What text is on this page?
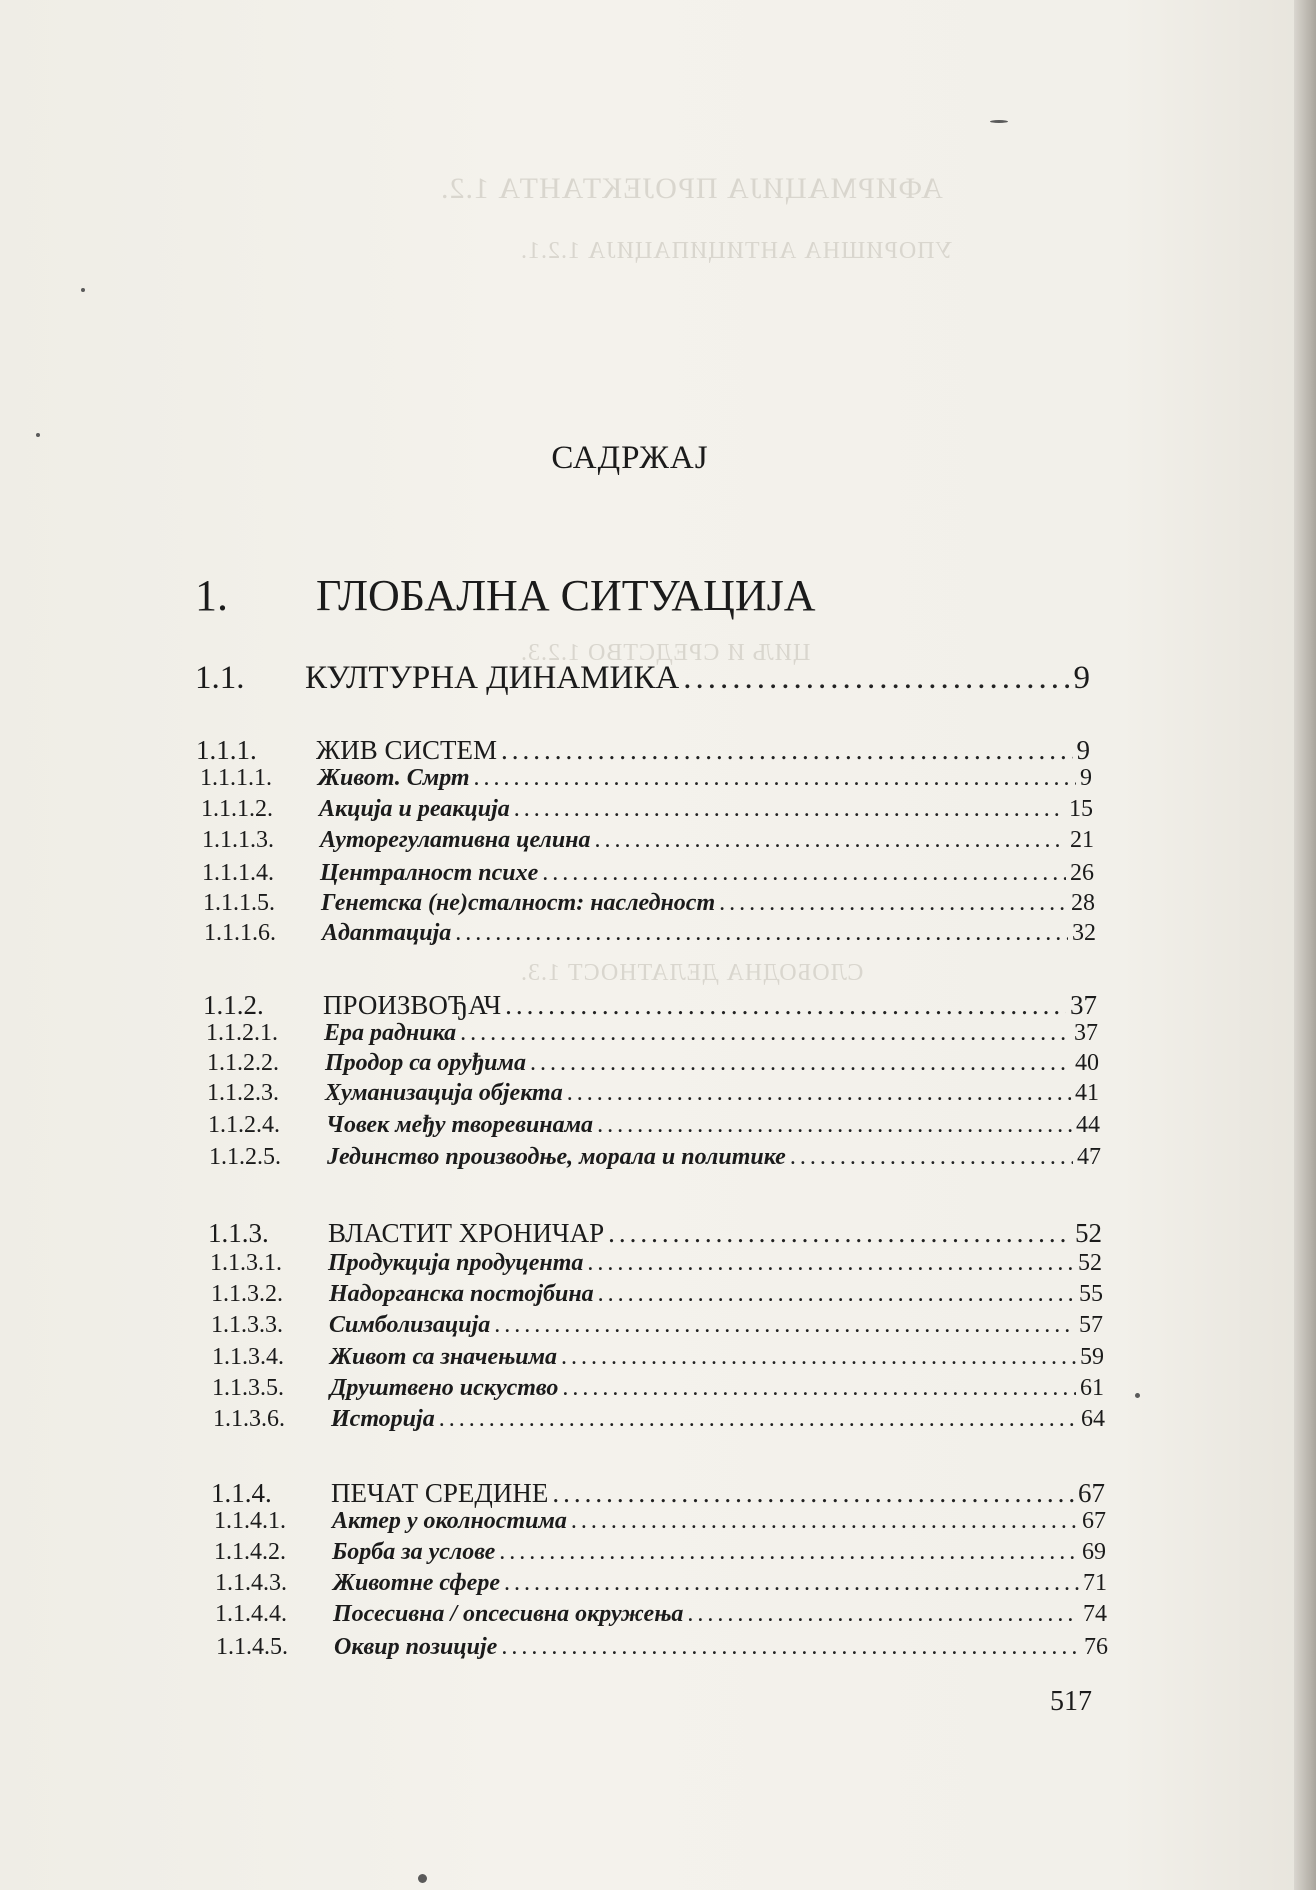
АФИРМАЦИЈА ПРОЈЕКТАНТА 1.2.
УПОРИШНА АНТИЦИПАЦИЈА 1.2.1.
ЦИЉ И СРЕДСТВО 1.2.3.
СЛОБОДНА ДЕЛАТНОСТ 1.3.
САДРЖАЈ
1. ГЛОБАЛНА СИТУАЦИЈА
1.1.	КУЛТУРНА ДИНАМИКА .....	9
1.1.1.	ЖИВ СИСТЕМ .....	9
1.1.1.1.	Живот. Смрт .....	9
1.1.1.2.	Акција и реакција .....	15
1.1.1.3.	Ауторегулативна целина .....	21
1.1.1.4.	Централност психе .....	26
1.1.1.5.	Генетска (не)сталност: наследност .....	28
1.1.1.6.	Адаптација .....	32
1.1.2.	ПРОИЗВОЂАЧ .....	37
1.1.2.1.	Ера радника .....	37
1.1.2.2.	Продор са оруђима .....	40
1.1.2.3.	Хуманизација објекта .....	41
1.1.2.4.	Човек међу творевинама .....	44
1.1.2.5.	Јединство производње, морала и политике .....	47
1.1.3.	ВЛАСТИТ ХРОНИЧАР .....	52
1.1.3.1.	Продукција продуцента .....	52
1.1.3.2.	Надорганска постојбина .....	55
1.1.3.3.	Симболизација .....	57
1.1.3.4.	Живот са значењима .....	59
1.1.3.5.	Друштвено искуство .....	61
1.1.3.6.	Историја .....	64
1.1.4.	ПЕЧАТ СРЕДИНЕ .....	67
1.1.4.1.	Актер у околностима .....	67
1.1.4.2.	Борба за услове .....	69
1.1.4.3.	Животне сфере .....	71
1.1.4.4.	Посесивна / опсесивна окружења .....	74
1.1.4.5.	Оквир позиције .....	76
517
